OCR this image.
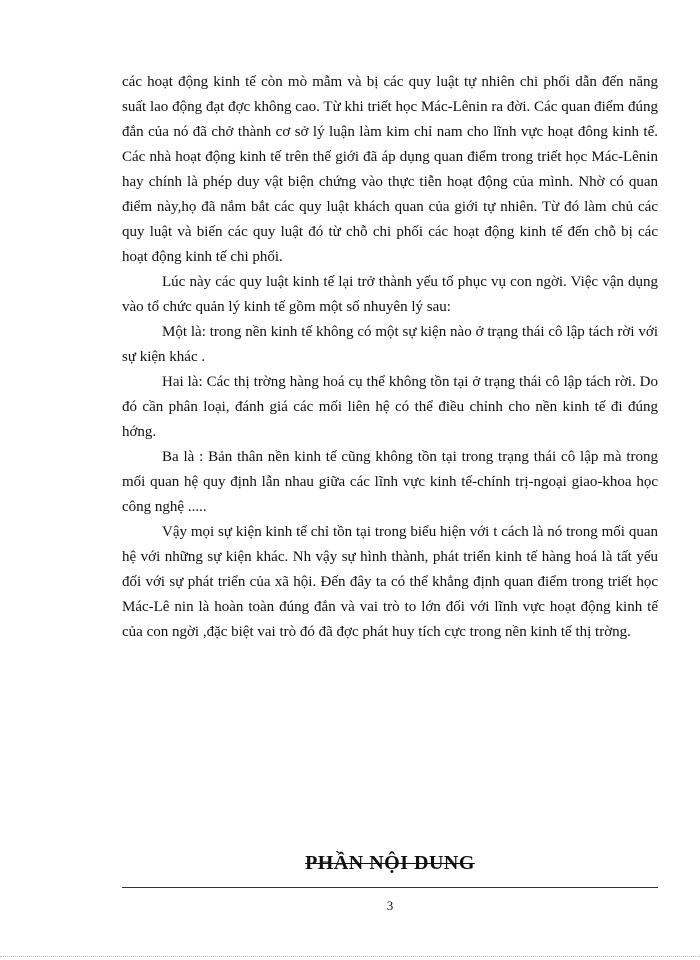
các hoạt động kinh tế còn mò mẫm và bị các quy luật tự nhiên chi phối dẫn đến năng suất lao động đạt đợc không cao. Từ khi triết học Mác-Lênin ra đời. Các quan điểm đúng đắn của nó đã chở thành cơ sở lý luận làm kim chỉ nam cho lĩnh vực hoạt đông kinh tế. Các nhà hoạt động kinh tế trên thế giới đã áp dụng quan điểm trong triết học Mác-Lênin hay chính là phép duy vật biện chứng vào thực tiễn hoạt động của mình. Nhờ có quan điểm này,họ đã nắm bắt các quy luật khách quan của giới tự nhiên. Từ đó làm chủ các quy luật và biến các quy luật đó từ chỗ chi phối các hoạt động kinh tế đến chỗ bị các hoạt động kinh tế chi phối.

Lúc này các quy luật kinh tế lại trở thành yếu tố phục vụ con ngời. Việc vận dụng vào tổ chức quản lý kinh tế gồm một số nhuyên lý sau:

Một là: trong nền kinh tế không có một sự kiện nào ở trạng thái cô lập tách rời với sự kiện khác .

Hai là: Các thị trờng hàng hoá cụ thể không tồn tại ở trạng thái cô lập tách rời. Do đó cần phân loại, đánh giá các mối liên hệ có thể điều chỉnh cho nền kinh tế đi đúng hớng.

Ba là : Bản thân nền kinh tế cũng không tồn tại trong trạng thái cô lập mà trong mối quan hệ quy định lẫn nhau giữa các lĩnh vực kinh tế-chính trị-ngoại giao-khoa học công nghệ .....

Vậy mọi sự kiện kinh tế chỉ tồn tại trong biểu hiện với t cách là nó trong mối quan hệ với những sự kiện khác. Nh vậy sự hình thành, phát triển kinh tế hàng hoá là tất yếu đối với sự phát triển của xã hội. Đến đây ta có thể khẳng định quan điểm trong triết học Mác-Lê nin là hoàn toàn đúng đắn và vai trò to lớn đối với lĩnh vực hoạt động kinh tế của con ngời ,đặc biệt vai trò đó đã đợc phát huy tích cực trong nền kinh tế thị trờng.

PHẦN NỘI DUNG
3
